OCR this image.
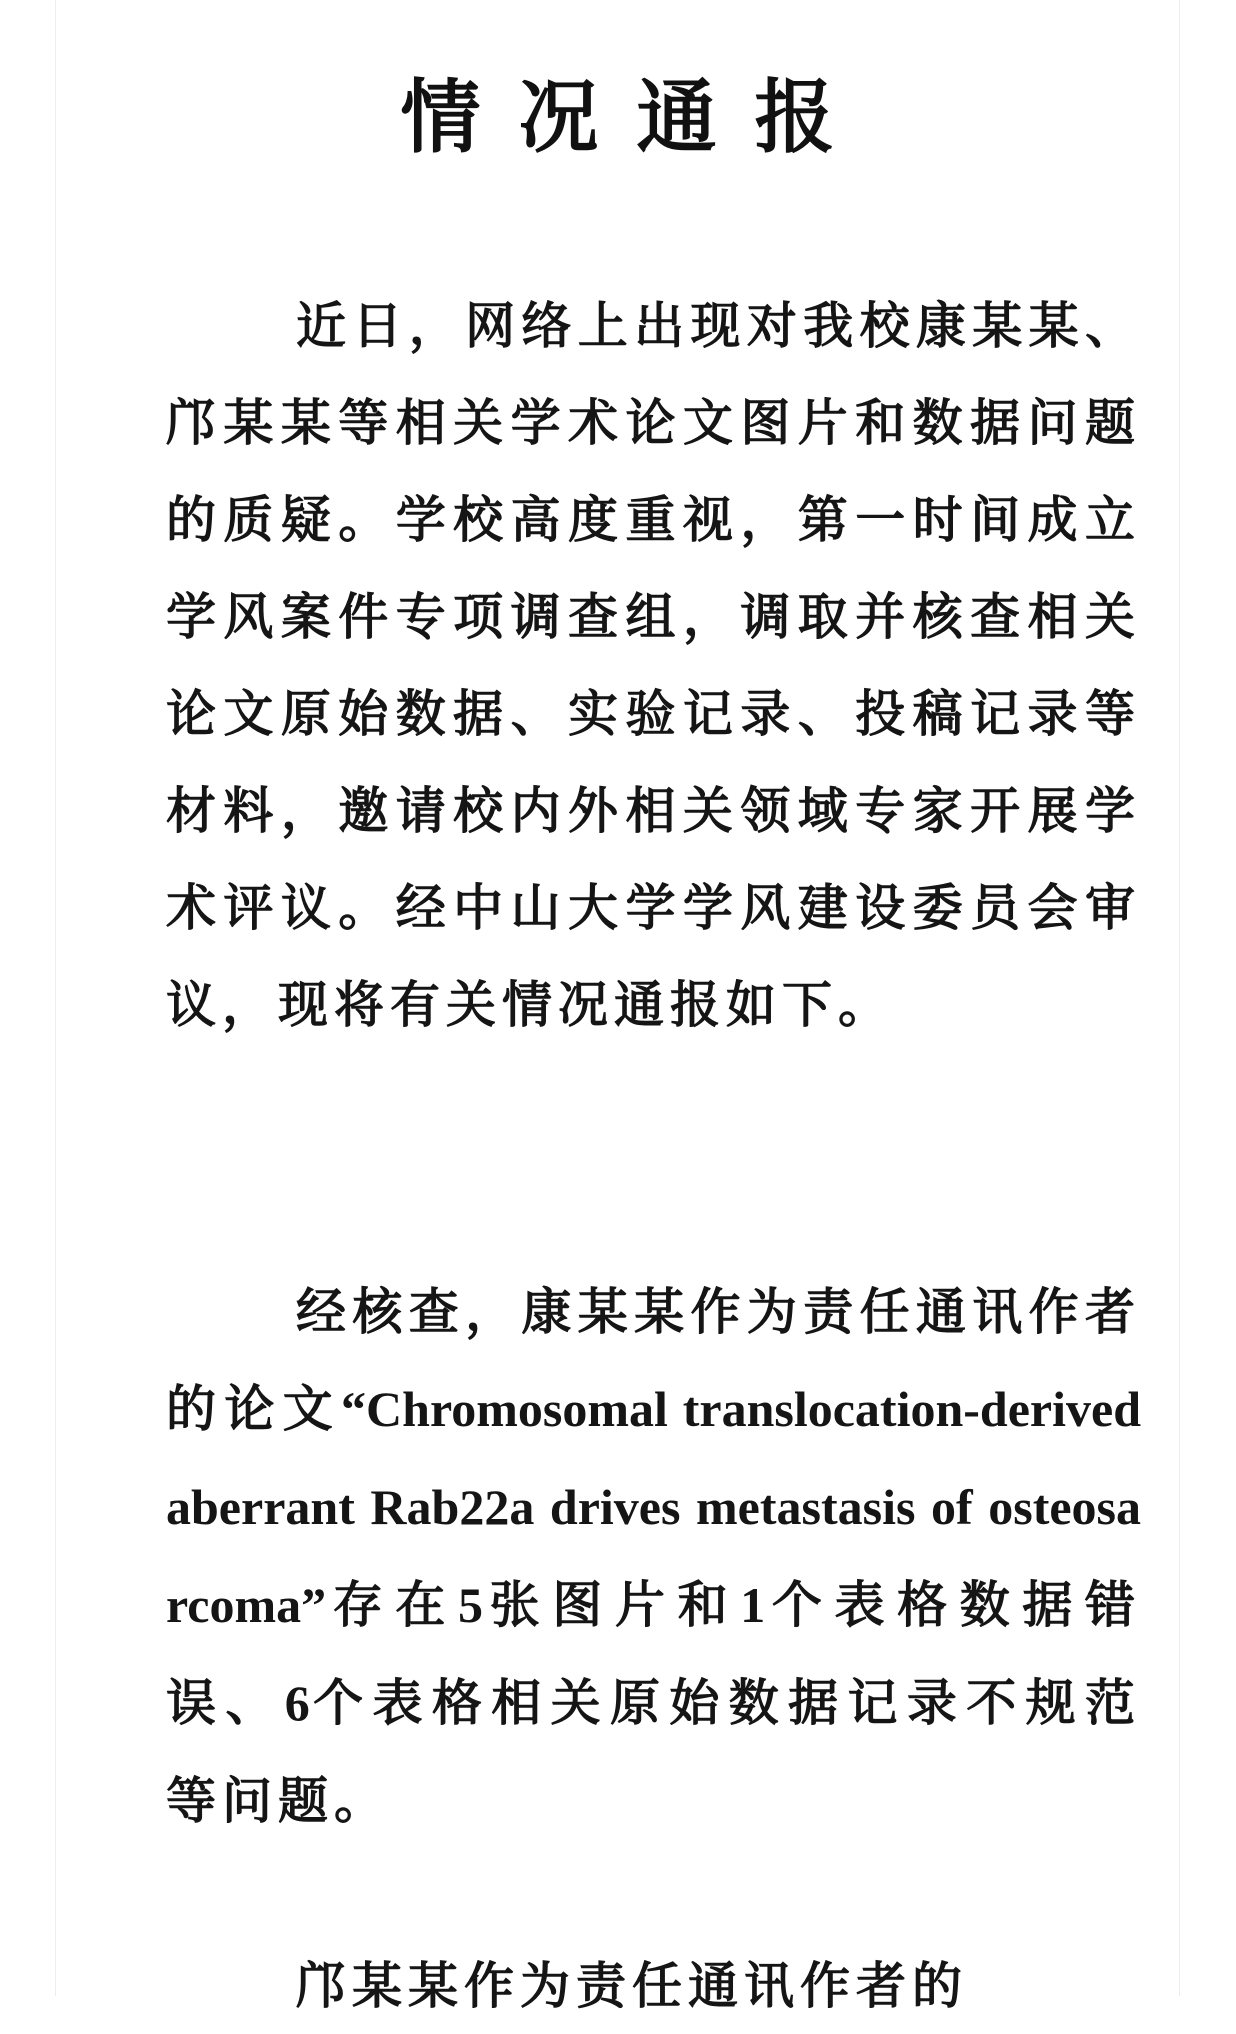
情况通报

近日，网络上出现对我校康某某、邝某某等相关学术论文图片和数据问题的质疑。学校高度重视，第一时间成立学风案件专项调查组，调取并核查相关论文原始数据、实验记录、投稿记录等材料，邀请校内外相关领域专家开展学术评议。经中山大学学风建设委员会审议，现将有关情况通报如下。

经核查，康某某作为责任通讯作者的论文“Chromosomal translocation-derived aberrant Rab22a drives metastasis of osteosarcoma”存在5张图片和1个表格数据错误、6个表格相关原始数据记录不规范等问题。

邝某某作为责任通讯作者的
